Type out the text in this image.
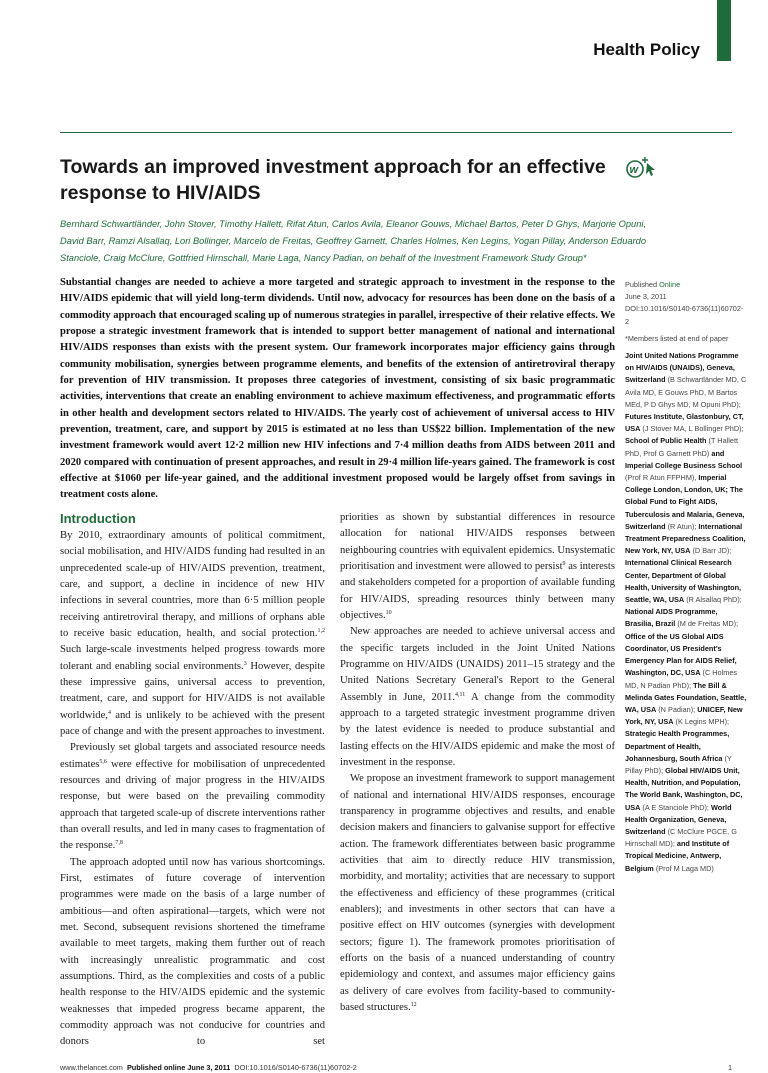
Health Policy
w
Towards an improved investment approach for an effective response to HIV/AIDS
Bernhard Schwartländer, John Stover, Timothy Hallett, Rifat Atun, Carlos Avila, Eleanor Gouws, Michael Bartos, Peter D Ghys, Marjorie Opuni, David Barr, Ramzi Alsallaq, Lori Bollinger, Marcelo de Freitas, Geoffrey Garnett, Charles Holmes, Ken Legins, Yogan Pillay, Anderson Eduardo Stanciole, Craig McClure, Gottfried Hirnschall, Marie Laga, Nancy Padian, on behalf of the Investment Framework Study Group*
Substantial changes are needed to achieve a more targeted and strategic approach to investment in the response to the HIV/AIDS epidemic that will yield long-term dividends. Until now, advocacy for resources has been done on the basis of a commodity approach that encouraged scaling up of numerous strategies in parallel, irrespective of their relative effects. We propose a strategic investment framework that is intended to support better management of national and international HIV/AIDS responses than exists with the present system. Our framework incorporates major efficiency gains through community mobilisation, synergies between programme elements, and benefits of the extension of antiretroviral therapy for prevention of HIV transmission. It proposes three categories of investment, consisting of six basic programmatic activities, interventions that create an enabling environment to achieve maximum effectiveness, and programmatic efforts in other health and development sectors related to HIV/AIDS. The yearly cost of achievement of universal access to HIV prevention, treatment, care, and support by 2015 is estimated at no less than US$22 billion. Implementation of the new investment framework would avert 12·2 million new HIV infections and 7·4 million deaths from AIDS between 2011 and 2020 compared with continuation of present approaches, and result in 29·4 million life-years gained. The framework is cost effective at $1060 per life-year gained, and the additional investment proposed would be largely offset from savings in treatment costs alone.
Introduction

By 2010, extraordinary amounts of political commitment, social mobilisation, and HIV/AIDS funding had resulted in an unprecedented scale-up of HIV/AIDS prevention, treatment, care, and support, a decline in incidence of new HIV infections in several countries, more than 6·5 million people receiving antiretroviral therapy, and millions of orphans able to receive basic education, health, and social protection.$^{1,2}$ Such large-scale investments helped progress towards more tolerant and enabling social environments.$^3$ However, despite these impressive gains, universal access to prevention, treatment, care, and support for HIV/AIDS is not available worldwide,$^4$ and is unlikely to be achieved with the present pace of change and with the present approaches to investment.

Previously set global targets and associated resource needs estimates$^{5,6}$ were effective for mobilisation of unprecedented resources and driving of major progress in the HIV/AIDS response, but were based on the prevailing commodity approach that targeted scale-up of discrete interventions rather than overall results, and led in many cases to fragmentation of the response.$^{7,8}$

The approach adopted until now has various shortcomings. First, estimates of future coverage of intervention programmes were made on the basis of a large number of ambitious—and often aspirational—targets, which were not met. Second, subsequent revisions shortened the timeframe available to meet targets, making them further out of reach with increasingly unrealistic programmatic and cost assumptions. Third, as the complexities and costs of a public health response to the HIV/AIDS epidemic and the systemic weaknesses that impeded progress became apparent, the commodity approach was not conducive for countries and donors to set

priorities as shown by substantial differences in resource allocation for national HIV/AIDS responses between neighbouring countries with equivalent epidemics. Unsystematic prioritisation and investment were allowed to persist$^9$ as interests and stakeholders competed for a proportion of available funding for HIV/AIDS, spreading resources thinly between many objectives.$^{10}$

New approaches are needed to achieve universal access and the specific targets included in the Joint United Nations Programme on HIV/AIDS (UNAIDS) 2011–15 strategy and the United Nations Secretary General's Report to the General Assembly in June, 2011.$^{4,11}$ A change from the commodity approach to a targeted strategic investment programme driven by the latest evidence is needed to produce substantial and lasting effects on the HIV/AIDS epidemic and make the most of investment in the response.

We propose an investment framework to support management of national and international HIV/AIDS responses, encourage transparency in programme objectives and results, and enable decision makers and financiers to galvanise support for effective action. The framework differentiates between basic programme activities that aim to directly reduce HIV transmission, morbidity, and mortality; activities that are necessary to support the effectiveness and efficiency of these programmes (critical enablers); and investments in other sectors that can have a positive effect on HIV outcomes (synergies with development sectors; figure 1). The framework promotes prioritisation of efforts on the basis of a nuanced understanding of country epidemiology and context, and assumes major efficiency gains as delivery of care evolves from facility-based to community-based structures.$^{12}$

Published Online
June 3, 2011
DOI:10.1016/S0140-6736(11)60702-2
*Members listed at end of paper
Joint United Nations Programme on HIV/AIDS (UNAIDS), Geneva, Switzerland (B Schwartländer MD, C Avila MD, E Gouws PhD, M Bartos MEd, P D Ghys MD, M Opuni PhD); Futures Institute, Glastonbury, CT, USA (J Stover MA, L Bollinger PhD); School of Public Health (T Hallett PhD, Prof G Garnett PhD) and Imperial College Business School (Prof R Atun FFPHM), Imperial College London, London, UK; The Global Fund to Fight AIDS, Tuberculosis and Malaria, Geneva, Switzerland (R Atun); International Treatment Preparedness Coalition, New York, NY, USA (D Barr JD); International Clinical Research Center, Department of Global Health, University of Washington, Seattle, WA, USA (R Alsallaq PhD); National AIDS Programme, Brasilia, Brazil (M de Freitas MD); Office of the US Global AIDS Coordinator, US President's Emergency Plan for AIDS Relief, Washington, DC, USA (C Holmes MD, N Padian PhD); The Bill & Melinda Gates Foundation, Seattle, WA, USA (N Padian); UNICEF, New York, NY, USA (K Legins MPH); Strategic Health Programmes, Department of Health, Johannesburg, South Africa (Y Pillay PhD); Global HIV/AIDS Unit, Health, Nutrition, and Population, The World Bank, Washington, DC, USA (A E Stanciole PhD); World Health Organization, Geneva, Switzerland (C McClure PGCE, G Hirnschall MD); and Institute of Tropical Medicine, Antwerp, Belgium (Prof M Laga MD)
www.thelancet.com Published online June 3, 2011 DOI:10.1016/S0140-6736(11)60702-2	1
